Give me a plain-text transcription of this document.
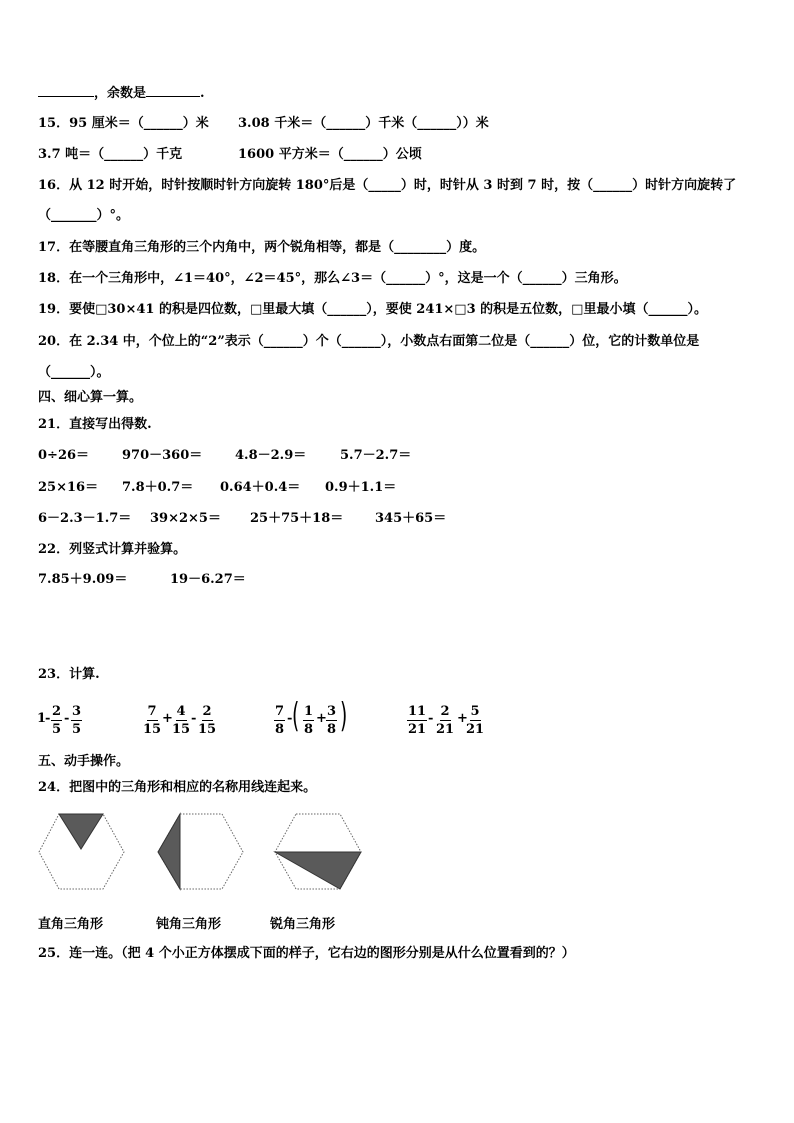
，余数是	.
15．95 厘米＝（______）米 3.08 千米＝（______）千米（______））米
3.7 吨＝（______）千克	1600 平方米＝（______）公顷
16．从 12 时开始，时针按顺时针方向旋转 180°后是（_____）时，时针从 3 时到 7 时，按（______）时针方向旋转了
（_______）°。
17．在等腰直角三角形的三个内角中，两个锐角相等，都是（________）度。
18．在一个三角形中，∠1＝40°，∠2＝45°，那么∠3＝（______）°，这是一个（______）三角形。
19．要使□30×41 的积是四位数，□里最大填（______），要使 241×□3 的积是五位数，□里最小填（______）。
20．在 2.34 中，个位上的“2”表示（______）个（______），小数点右面第二位是（______）位，它的计数单位是
（______）。
四、细心算一算。
21．直接写出得数.
0÷26＝	970－360＝	4.8－2.9＝	5.7－2.7＝
25×16＝ 7.8＋0.7＝ 0.64＋0.4＝ 0.9＋1.1＝
6－2.3－1.7＝ 39×2×5＝ 25＋75＋18＝ 345＋65＝
22．列竖式计算并验算。
7.85＋9.09＝	19－6.27＝
23．计算.
1
- $\frac{2}{5} - \frac{3}{5}$	$\frac{7}{15}$ +
$\frac{4}{15} - \frac{2}{15}$	$\frac{7}{8}$ - ( $\frac{1}{8} + \frac{3}{8}$ )	$\frac{11}{21} - \frac{2}{21}$ +
$\frac{5}{21}$
五、动手操作。
24．把图中的三角形和相应的名称用线连起来。
直角三角形	钝角三角形	锐角三角形
25．连一连。（把 4 个小正方体摆成下面的样子，它右边的图形分别是从什么位置看到的？）
